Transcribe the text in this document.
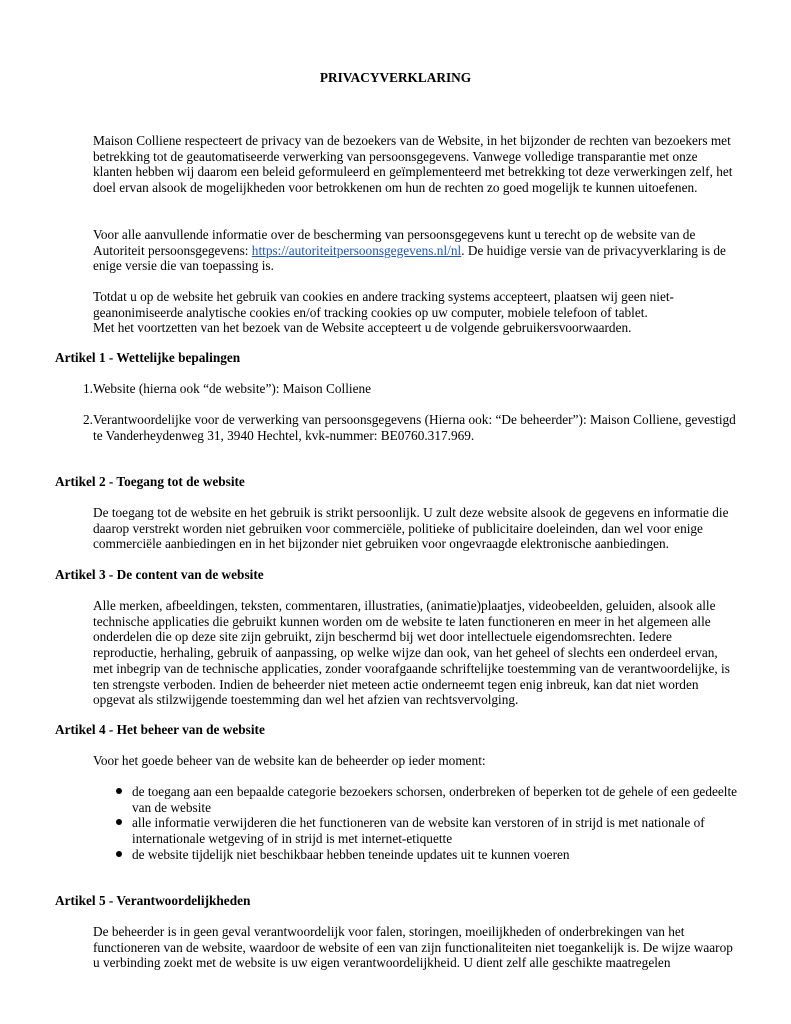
PRIVACYVERKLARING

Maison Colliene respecteert de privacy van de bezoekers van de Website, in het bijzonder de rechten van bezoekers met betrekking tot de geautomatiseerde verwerking van persoonsgegevens. Vanwege volledige transparantie met onze klanten hebben wij daarom een beleid geformuleerd en geïmplementeerd met betrekking tot deze verwerkingen zelf, het doel ervan alsook de mogelijkheden voor betrokkenen om hun de rechten zo goed mogelijk te kunnen uitoefenen.

Voor alle aanvullende informatie over de bescherming van persoonsgegevens kunt u terecht op de website van de Autoriteit persoonsgegevens: https://autoriteitpersoonsgegevens.nl/nl. De huidige versie van de privacyverklaring is de enige versie die van toepassing is.

Totdat u op de website het gebruik van cookies en andere tracking systems accepteert, plaatsen wij geen niet-geanonimiseerde analytische cookies en/of tracking cookies op uw computer, mobiele telefoon of tablet.
Met het voortzetten van het bezoek van de Website accepteert u de volgende gebruikersvoorwaarden.

Artikel 1 - Wettelijke bepalingen

1. Website (hierna ook “de website”): Maison Colliene
2. Verantwoordelijke voor de verwerking van persoonsgegevens (Hierna ook: “De beheerder”): Maison Colliene, gevestigd te Vanderheydenweg 31, 3940 Hechtel, kvk-nummer: BE0760.317.969.

Artikel 2 - Toegang tot de website

De toegang tot de website en het gebruik is strikt persoonlijk. U zult deze website alsook de gegevens en informatie die daarop verstrekt worden niet gebruiken voor commerciële, politieke of publicitaire doeleinden, dan wel voor enige commerciële aanbiedingen en in het bijzonder niet gebruiken voor ongevraagde elektronische aanbiedingen.

Artikel 3 - De content van de website

Alle merken, afbeeldingen, teksten, commentaren, illustraties, (animatie)plaatjes, videobeelden, geluiden, alsook alle technische applicaties die gebruikt kunnen worden om de website te laten functioneren en meer in het algemeen alle onderdelen die op deze site zijn gebruikt, zijn beschermd bij wet door intellectuele eigendomsrechten. Iedere reproductie, herhaling, gebruik of aanpassing, op welke wijze dan ook, van het geheel of slechts een onderdeel ervan, met inbegrip van de technische applicaties, zonder voorafgaande schriftelijke toestemming van de verantwoordelijke, is ten strengste verboden. Indien de beheerder niet meteen actie onderneemt tegen enig inbreuk, kan dat niet worden opgevat als stilzwijgende toestemming dan wel het afzien van rechtsvervolging.

Artikel 4 - Het beheer van de website

Voor het goede beheer van de website kan de beheerder op ieder moment:

de toegang aan een bepaalde categorie bezoekers schorsen, onderbreken of beperken tot de gehele of een gedeelte van de website
alle informatie verwijderen die het functioneren van de website kan verstoren of in strijd is met nationale of internationale wetgeving of in strijd is met internet-etiquette
de website tijdelijk niet beschikbaar hebben teneinde updates uit te kunnen voeren

Artikel 5 - Verantwoordelijkheden

De beheerder is in geen geval verantwoordelijk voor falen, storingen, moeilijkheden of onderbrekingen van het functioneren van de website, waardoor de website of een van zijn functionaliteiten niet toegankelijk is. De wijze waarop u verbinding zoekt met de website is uw eigen verantwoordelijkheid. U dient zelf alle geschikte maatregelen
